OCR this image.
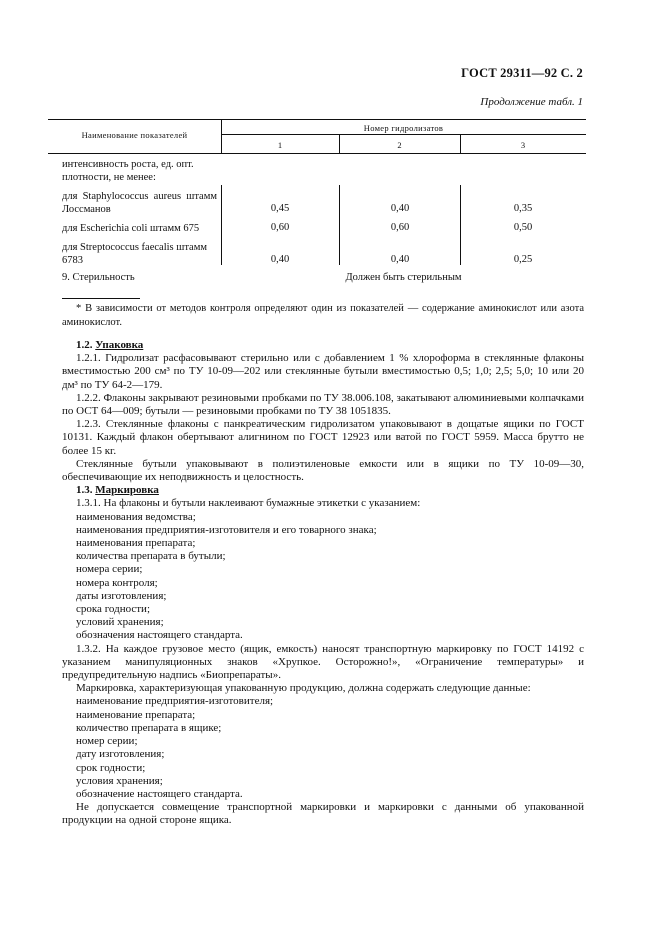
ГОСТ 29311—92 С. 2
Продолжение табл. 1
Наименование показателей
Номер гидролизатов
1	2	3
интенсивность роста, ед. опт. плотности, не менее:
для Staphylococcus aureus штамм Лоссманов	0,45	0,40	0,35
для Escherichia coli штамм 675	0,60	0,60	0,50
для Streptococcus faecalis штамм 6783	0,40	0,40	0,25
9. Стерильность	Должен быть стерильным
* В зависимости от методов контроля определяют один из показателей — содержание аминокислот или азота аминокислот.

1.2. Упаковка

1.2.1. Гидролизат расфасовывают стерильно или с добавлением 1 % хлороформа в стеклянные флаконы вместимостью 200 см³ по ТУ 10-09—202 или стеклянные бутыли вместимостью 0,5; 1,0; 2,5; 5,0; 10 или 20 дм³ по ТУ 64-2—179.

1.2.2. Флаконы закрывают резиновыми пробками по ТУ 38.006.108, закатывают алюминиевыми колпачками по ОСТ 64—009; бутыли — резиновыми пробками по ТУ 38 1051835.

1.2.3. Стеклянные флаконы с панкреатическим гидролизатом упаковывают в дощатые ящики по ГОСТ 10131. Каждый флакон обертывают алигнином по ГОСТ 12923 или ватой по ГОСТ 5959. Масса брутто не более 15 кг.

Стеклянные бутыли упаковывают в полиэтиленовые емкости или в ящики по ТУ 10-09—30, обеспечивающие их неподвижность и целостность.

1.3. Маркировка

1.3.1. На флаконы и бутыли наклеивают бумажные этикетки с указанием:

наименования ведомства;

наименования предприятия-изготовителя и его товарного знака;

наименования препарата;

количества препарата в бутыли;

номера серии;

номера контроля;

даты изготовления;

срока годности;

условий хранения;

обозначения настоящего стандарта.

1.3.2. На каждое грузовое место (ящик, емкость) наносят транспортную маркировку по ГОСТ 14192 с указанием манипуляционных знаков «Хрупкое. Осторожно!», «Ограничение температуры» и предупредительную надпись «Биопрепараты».

Маркировка, характеризующая упакованную продукцию, должна содержать следующие данные:

наименование предприятия-изготовителя;

наименование препарата;

количество препарата в ящике;

номер серии;

дату изготовления;

срок годности;

условия хранения;

обозначение настоящего стандарта.

Не допускается совмещение транспортной маркировки и маркировки с данными об упакованной продукции на одной стороне ящика.
